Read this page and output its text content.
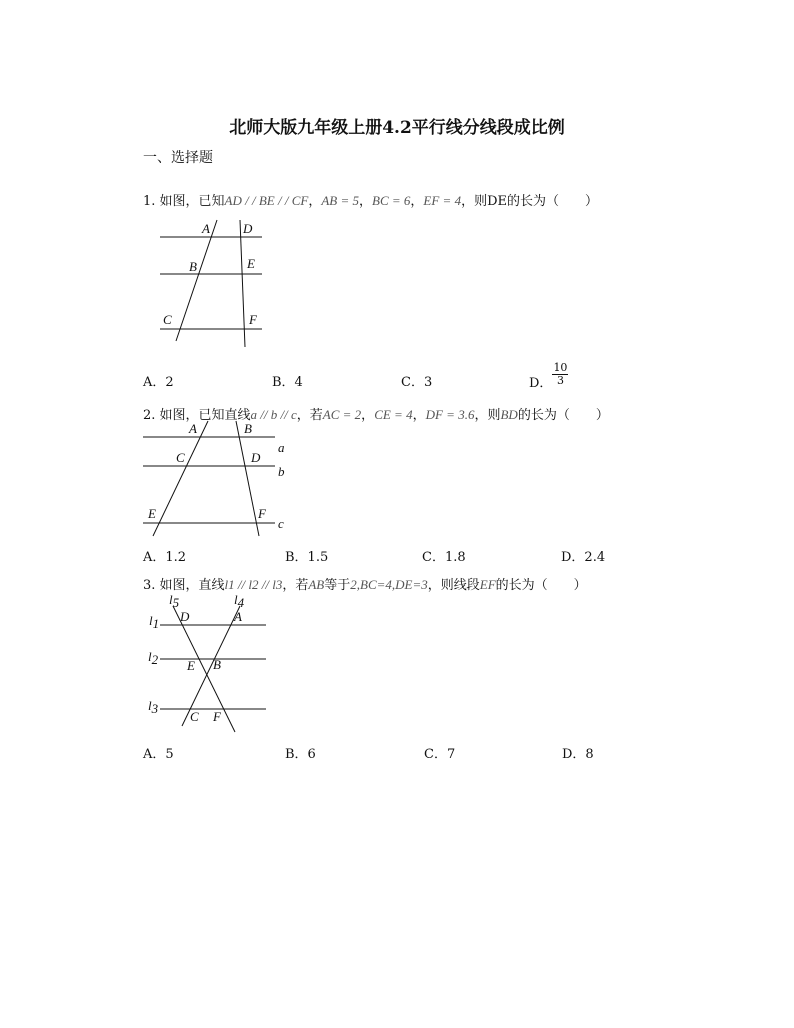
北师大版九年级上册4.2平行线分线段成比例
一、选择题
1. 如图，已知AD / / BE / / CF，AB = 5，BC = 6，EF = 4，则DE的长为（　　）
A	D
B	E
C	F
A．2	B．4	C．3	D． $\frac{10}{3}$
2. 如图，已知直线a // b // c，若AC = 2，CE = 4，DF = 3.6，则BD的长为（　　）
A	B
C	D
E	F
a
b
c
A．1.2	B．1.5	C．1.8	D．2.4
3. 如图，直线l1 // l2 // l3，若AB等于2,BC=4,DE=3，则线段EF的长为（　　）
l5	l4
l1
l2
l3
D	A
E B
C F
A．5	B．6	C．7	D．8
